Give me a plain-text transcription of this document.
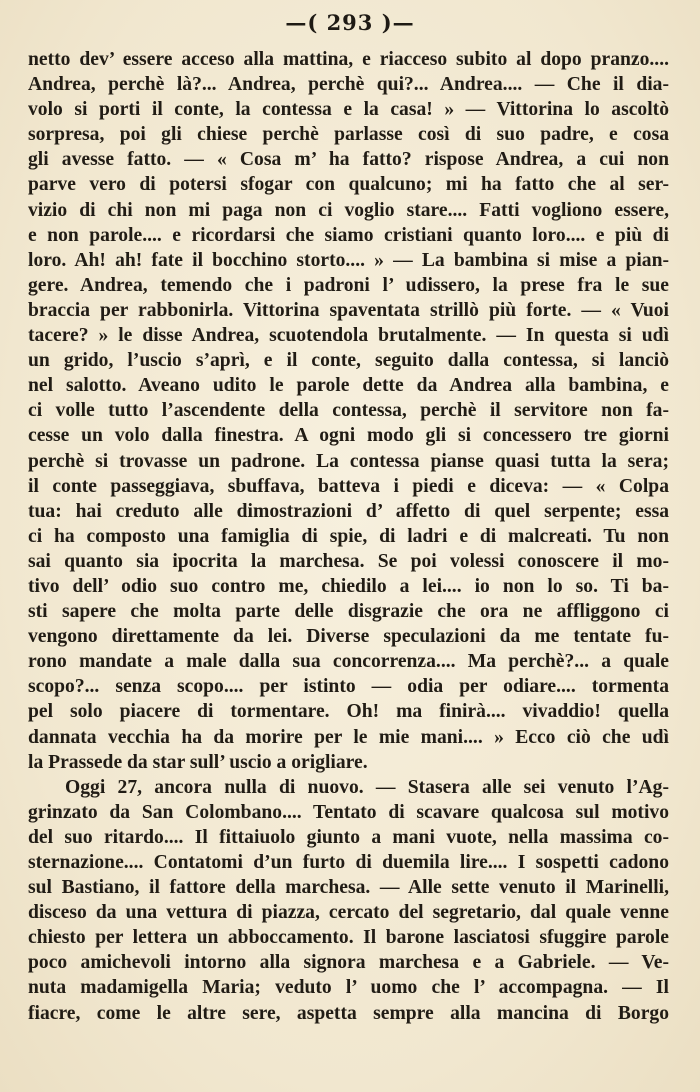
—( 293 )—
netto dev’ essere acceso alla mattina, e riacceso subito al dopo pranzo....
Andrea, perchè là?... Andrea, perchè qui?... Andrea.... — Che il dia-
volo si porti il conte, la contessa e la casa! » — Vittorina lo ascoltò
sorpresa, poi gli chiese perchè parlasse così di suo padre, e cosa
gli avesse fatto. — « Cosa m’ ha fatto? rispose Andrea, a cui non
parve vero di potersi sfogar con qualcuno; mi ha fatto che al ser-
vizio di chi non mi paga non ci voglio stare.... Fatti vogliono essere,
e non parole.... e ricordarsi che siamo cristiani quanto loro.... e più di
loro. Ah! ah! fate il bocchino storto.... » — La bambina si mise a pian-
gere. Andrea, temendo che i padroni l’ udissero, la prese fra le sue
braccia per rabbonirla. Vittorina spaventata strillò più forte. — « Vuoi
tacere? » le disse Andrea, scuotendola brutalmente. — In questa si udì
un grido, l’uscio s’aprì, e il conte, seguito dalla contessa, si lanciò
nel salotto. Aveano udito le parole dette da Andrea alla bambina, e
ci volle tutto l’ascendente della contessa, perchè il servitore non fa-
cesse un volo dalla finestra. A ogni modo gli si concessero tre giorni
perchè si trovasse un padrone. La contessa pianse quasi tutta la sera;
il conte passeggiava, sbuffava, batteva i piedi e diceva: — « Colpa
tua: hai creduto alle dimostrazioni d’ affetto di quel serpente; essa
ci ha composto una famiglia di spie, di ladri e di malcreati. Tu non
sai quanto sia ipocrita la marchesa. Se poi volessi conoscere il mo-
tivo dell’ odio suo contro me, chiedilo a lei.... io non lo so. Ti ba-
sti sapere che molta parte delle disgrazie che ora ne affliggono ci
vengono direttamente da lei. Diverse speculazioni da me tentate fu-
rono mandate a male dalla sua concorrenza.... Ma perchè?... a quale
scopo?... senza scopo.... per istinto — odia per odiare.... tormenta
pel solo piacere di tormentare. Oh! ma finirà.... vivaddio! quella
dannata vecchia ha da morire per le mie mani.... » Ecco ciò che udì
la Prassede da star sull’ uscio a origliare.
Oggi 27, ancora nulla di nuovo. — Stasera alle sei venuto l’Ag-
grinzato da San Colombano.... Tentato di scavare qualcosa sul motivo
del suo ritardo.... Il fittaiuolo giunto a mani vuote, nella massima co-
sternazione.... Contatomi d’un furto di duemila lire.... I sospetti cadono
sul Bastiano, il fattore della marchesa. — Alle sette venuto il Marinelli,
disceso da una vettura di piazza, cercato del segretario, dal quale venne
chiesto per lettera un abboccamento. Il barone lasciatosi sfuggire parole
poco amichevoli intorno alla signora marchesa e a Gabriele. — Ve-
nuta madamigella Maria; veduto l’ uomo che l’ accompagna. — Il
fiacre, come le altre sere, aspetta sempre alla mancina di Borgo
